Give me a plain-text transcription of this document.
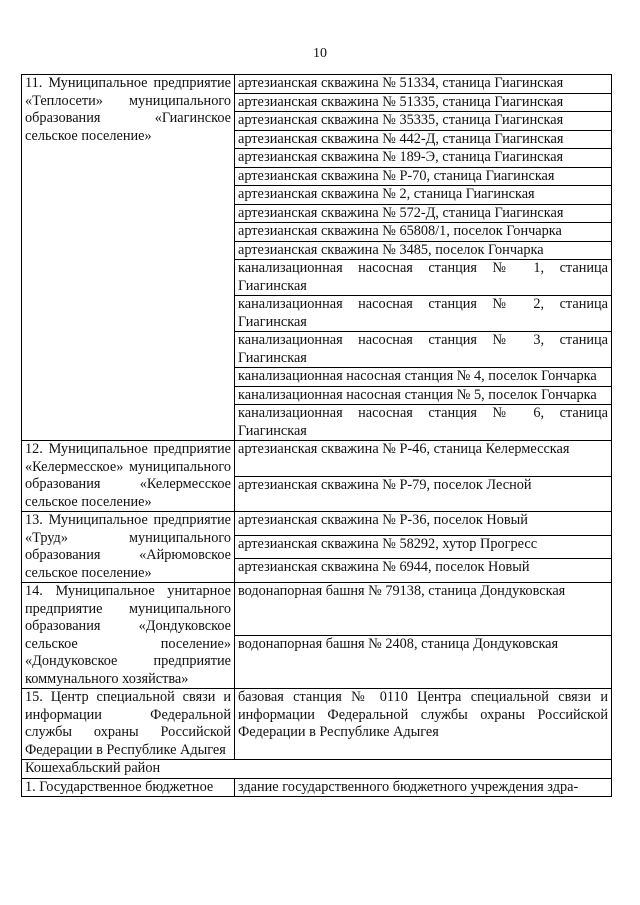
10
11. Муниципальное предприятие «Теплосети» муниципального образования «Гиагинское сельское поселение»	артезианская скважина № 51334, станица Гиагинская
	артезианская скважина № 51335, станица Гиагинская
	артезианская скважина № 35335, станица Гиагинская
	артезианская скважина № 442-Д, станица Гиагинская
	артезианская скважина № 189-Э, станица Гиагинская
	артезианская скважина № Р-70, станица Гиагинская
	артезианская скважина № 2, станица Гиагинская
	артезианская скважина № 572-Д, станица Гиагинская
	артезианская скважина № 65808/1, поселок Гончарка
	артезианская скважина № 3485, поселок Гончарка
	канализационная насосная станция № 1, станица Гиагинская
	канализационная насосная станция № 2, станица Гиагинская
	канализационная насосная станция № 3, станица Гиагинская
	канализационная насосная станция № 4, поселок Гончарка
	канализационная насосная станция № 5, поселок Гончарка
	канализационная насосная станция № 6, станица Гиагинская
12. Муниципальное предприятие «Келермесское» муниципального образования «Келермесское сельское поселение»	артезианская скважина № Р-46, станица Келермесская
	артезианская скважина № Р-79, поселок Лесной
13. Муниципальное предприятие «Труд» муниципального образования «Айрюмовское сельское поселение»	артезианская скважина № Р-36, поселок Новый
	артезианская скважина № 58292, хутор Прогресс
	артезианская скважина № 6944, поселок Новый
14. Муниципальное унитарное предприятие муниципального образования «Дондуковское сельское поселение» «Дондуковское предприятие коммунального хозяйства»	водонапорная башня № 79138, станица Дондуковская
	водонапорная башня № 2408, станица Дондуковская
15. Центр специальной связи и информации Федеральной службы охраны Российской Федерации в Республике Адыгея	базовая станция № 0110 Центра специальной связи и информации Федеральной службы охраны Российской Федерации в Республике Адыгея
Кошехабльский район	
1. Государственное бюджетное	здание государственного бюджетного учреждения здра-
